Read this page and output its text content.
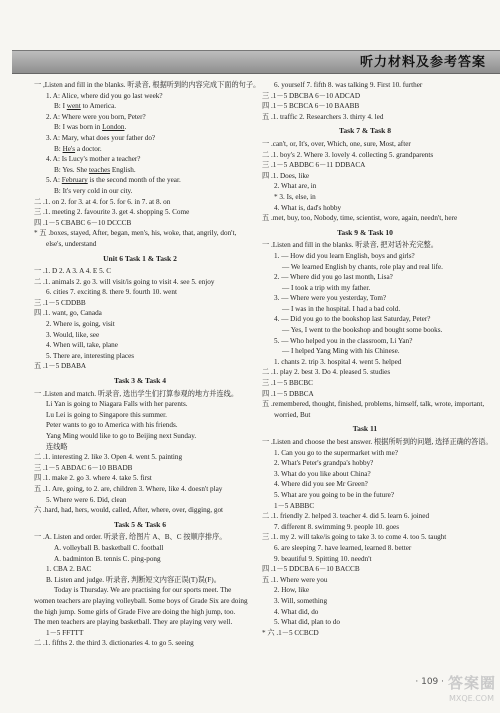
听力材料及参考答案
一 ,Listen and fill in the blanks. 听录音, 根据听到的内容完成下面的句子。
1. A: Alice, where did you go last week?
B: I went to America.
2. A: Where were you born, Peter?
B: I was born in London.
3. A: Mary, what does your father do?
B: He's a doctor.
4. A: Is Lucy's mother a teacher?
B: Yes. She teaches English.
5. A: February is the second month of the year.
B: It's very cold in our city.
二 .1. on 2. for 3. at 4. for 5. for 6. in 7. at 8. on
三 .1. meeting 2. favourite 3. get 4. shopping 5. Come
四 .1－5 CBABC 6－10 DCCCB
* 五 .boxes, stayed, After, began, men's, his, woke, that, angrily, don't,
else's, understand
Unit 6 Task 1 & Task 2
一 .1. D 2. A 3. A 4. E 5. C
二 .1. animals 2. go 3. will visit/is going to visit 4. see 5. enjoy
6. cities 7. exciting 8. there 9. fourth 10. went
三 .1－5 CDDBB
四 .1. want, go, Canada
2. Where is, going, visit
3. Would, like, see
4. When will, take, plane
5. There are, interesting places
五 .1－5 DBABA
Task 3 & Task 4
一 .Listen and match. 听录音, 选出学生们打算参观的地方并连线。
Li Yan is going to Niagara Falls with her parents.
Lu Lei is going to Singapore this summer.
Peter wants to go to America with his friends.
Yang Ming would like to go to Beijing next Sunday.
连线略
二 .1. interesting 2. like 3. Open 4. went 5. painting
三 .1－5 ABDAC 6－10 BBADB
四 .1. make 2. go 3. where 4. take 5. first
五 .1. Are, going, to 2. are, children 3. Where, like 4. doesn't play
5. Where were 6. Did, clean
六 .hard, had, hers, would, called, After, where, over, digging, got
Task 5 & Task 6
一 .A. Listen and order. 听录音, 给图片 A、B、C 按顺序排序。
A. volleyball B. basketball C. football
A. badminton B. tennis C. ping-pong
1. CBA 2. BAC
B. Listen and judge. 听录音, 判断短文内容正误(T)误(F)。
Today is Thursday. We are practising for our sports meet. The
women teachers are playing volleyball. Some boys of Grade Six are doing
the high jump. Some girls of Grade Five are doing the high jump, too.
The men teachers are playing basketball. They are playing very well.
1－5 FFTTT
二 .1. fifths 2. the third 3. dictionaries 4. to go 5. seeing
6. yourself 7. fifth 8. was talking 9. First 10. further
三 .1－5 DBCBA 6－10 ADCAD
四 .1－5 BCBCA 6－10 BAABB
五 .1. traffic 2. Researchers 3. thirty 4. led
Task 7 & Task 8
一 .can't, or, It's, over, Which, one, sure, Most, after
二 .1. boy's 2. Where 3. lovely 4. collecting 5. grandparents
三 .1－5 ABDBC 6－11 DDBACA
四 .1. Does, like
2. What are, in
* 3. Is, else, in
4. What is, dad's hobby
五 .met, buy, too, Nobody, time, scientist, wore, again, needn't, here
Task 9 & Task 10
一 .Listen and fill in the blanks. 听录音, 把对话补充完整。
1. — How did you learn English, boys and girls?
— We learned English by chants, role play and real life.
2. — Where did you go last month, Lisa?
— I took a trip with my father.
3. — Where were you yesterday, Tom?
— I was in the hospital. I had a bad cold.
4. — Did you go to the bookshop last Saturday, Peter?
— Yes, I went to the bookshop and bought some books.
5. — Who helped you in the classroom, Li Yan?
— I helped Yang Ming with his Chinese.
1. chants 2. trip 3. hospital 4. went 5. helped
二 .1. play 2. best 3. Do 4. pleased 5. studies
三 .1－5 BBCBC
四 .1－5 DBBCA
五 .remembered, thought, finished, problems, himself, talk, wrote, important,
worried, But
Task 11
一 .Listen and choose the best answer. 根据所听到的问题, 选择正确的答语。
1. Can you go to the supermarket with me?
2. What's Peter's grandpa's hobby?
3. What do you like about China?
4. Where did you see Mr Green?
5. What are you going to be in the future?
1－5 ABBBC
二 .1. friendly 2. helped 3. teacher 4. did 5. learn 6. joined
7. different 8. swimming 9. people 10. goes
三 .1. my 2. will take/is going to take 3. to come 4. too 5. taught
6. are sleeping 7. have learned, learned 8. better
9. beautiful 9. Spitting 10. needn't
四 .1－5 DDCBA 6－10 BACCB
五 .1. Where were you
2. How, like
3. Will, something
4. What did, do
5. What did, plan to do
* 六 .1－5 CCBCD
· 109 · 答案圈
MXQE.COM
